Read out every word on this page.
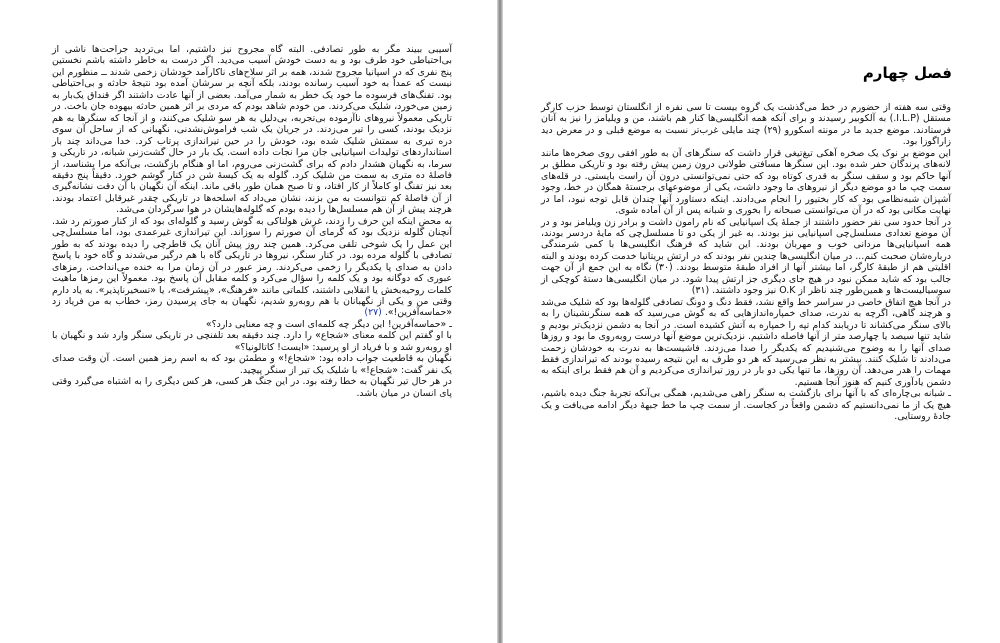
آسیبی ببیند مگر به طور تصادفی. البته گاه مجروح نیز داشتیم، اما بی‌تردید جراحت‌ها ناشی از بی‌احتیاطی خود طرف بود و به دست خودش آسیب می‌دید. اگر درست به خاطر داشته باشم نخستین پنج نفری که در اسپانیا مجروح شدند، همه بر اثر سلاح‌های ناکارآمد خودشان زخمی شدند ــ منظورم این نیست که عمداً به خود آسیب رسانده بودند، بلکه آنچه بر سرشان آمده بود نتیجهٔ حادثه و بی‌احتیاطی بود. تفنگ‌های فرسوده ما خود یک خطر به شمار می‌آمد. بعضی از آنها عادت داشتند اگر قنداق یک‌بار به زمین می‌خورد، شلیک می‌کردند. من خودم شاهد بودم که مردی بر اثر همین حادثه بیهوده جان باخت. در تاریکی معمولاً نیروهای ناآزموده بی‌تجربه، بی‌دلیل به هر سو شلیک می‌کنند، و از آنجا که سنگرها به هم نزدیک بودند، کسی را تیر می‌زدند. در جریان یک شب فراموش‌نشدنی، نگهبانی که از ساحل آن سوی دره تیری به سمتش شلیک شده بود، خودش را در حین تیراندازی پرتاب کرد. خدا می‌داند چند بار استانداردهای تولیدات اسپانیایی جان مرا نجات داده است. یک بار در حال گشت‌زنی شبانه، در تاریکی و سرما، به نگهبان هشدار دادم که برای گشت‌زنی می‌روم، اما او هنگام بازگشت، بی‌آنکه مرا بشناسد، از فاصلهٔ ده متری به سمت من شلیک کرد. گلوله به یک کیسهٔ شن در کنار گوشم خورد. دقیقاً پنج دقیقه بعد نیز تفنگ او کاملاً از کار افتاد، و تا صبح همان طور باقی ماند. اینکه آن نگهبان با آن دقت نشانه‌گیری از آن فاصلهٔ کم نتوانست به من بزند، نشان می‌داد که اسلحه‌ها در تاریکی چقدر غیرقابل اعتماد بودند. هرچند پیش از آن هم مسلسل‌ها را دیده بودم که گلوله‌هایشان در هوا سرگردان می‌شد.

به محض اینکه این حرف را زدند، غرش هولناکی به گوش رسید و گلوله‌ای بود که از کنار صورتم رد شد. آنچنان گلوله نزدیک بود که گرمای آن صورتم را سوزاند. این تیراندازی غیرعمدی بود، اما مسلسل‌چی این عمل را یک شوخی تلقی می‌کرد. همین چند روز پیش آنان یک قاطرچی را دیده بودند که به طور تصادفی با گلوله مرده بود. در کنار سنگر، نیروها در تاریکی گاه با هم درگیر می‌شدند و گاه خود با پاسخ دادن به صدای پا یکدیگر را زخمی می‌کردند. رمز عبور در آن زمان مرا به خنده می‌انداخت. رمزهای عبوری که دوگانه بود و یک کلمه را سؤال می‌کرد و کلمه مقابل آن پاسخ بود. معمولاً این رمزها ماهیت کلمات روحیه‌بخش یا انقلابی داشتند، کلماتی مانند «فرهنگ»، «پیشرفت»، یا «تسخیرناپذیر». به یاد دارم وقتی من و یکی از نگهبانان با هم روبه‌رو شدیم، نگهبان به جای پرسیدن رمز، خطاب به من فریاد زد «حماسه‌آفرین!». (۲۷)

ـ «حماسه‌آفرین! این دیگر چه کلمه‌ای است و چه معنایی دارد؟»

با او گفتم این کلمه معنای «شجاع» را دارد. چند دقیقه بعد تلفنچی در تاریکی سنگر وارد شد و نگهبان با او روبه‌رو شد و با فریاد از او پرسید: «ایست! کاتالونیا؟»

نگهبان به قاطعیت جواب داده بود: «شجاع!» و مطمئن بود که به اسم رمز همین است. آن وقت صدای یک نفر گفت: «شجاع!» با شلیک یک تیر از سنگر پیچید.

در هر حال تیر نگهبان به خطا رفته بود. در این جنگ هر کسی، هر کس دیگری را به اشتباه می‌گیرد وقتی پای انسان در میان باشد.

فصل چهارم

وقتی سه هفته از حضورم در خط می‌گذشت یک گروه بیست تا سی نفره از انگلستان توسط حزب کارگر مستقل (I.L.P.) به آلکوبیر رسیدند و برای آنکه همه انگلیسی‌ها کنار هم باشند، من و ویلیامز را نیز به آنان فرستادند. موضع جدید ما در مونته اسکورو (۲۹) چند مایلی غرب‌تر نسبت به موضع قبلی و در معرض دید زاراگوزا بود.

این موضع بر نوک یک صخره آهکی تیغ‌تیغی قرار داشت که سنگرهای آن به طور افقی روی صخره‌ها مانند لانه‌های پرندگان حفر شده بود. این سنگرها مسافتی طولانی درون زمین پیش رفته بود و تاریکی مطلق بر آنها حاکم بود و سقف سنگر به قدری کوتاه بود که حتی نمی‌توانستی درون آن راست بایستی. در قله‌های سمت چپ ما دو موضع دیگر از نیروهای ما وجود داشت، یکی از موضوعهای برجستهٔ همگان در خط، وجود آشپزان شبه‌نظامی بود که کار بختیور را انجام می‌دادند. اینکه دستاورد آنها چندان قابل توجه نبود، اما در نهایت مکانی بود که در آن می‌توانستی صبحانه را بخوری و شبانه پس از آن آماده شوی.

در آنجا حدود سی نفر حضور داشتند از جملهٔ یک اسپانیایی که نام رامون داشت و برادر زن ویلیامز بود و در آن موضع تعدادی مسلسل‌چی اسپانیایی نیز بودند. به غیر از یکی دو تا مسلسل‌چی که مایهٔ دردسر بودند، همه اسپانیایی‌ها مردانی خوب و مهربان بودند. این شاید که فرهنگ انگلیسی‌ها با کمی شرمندگی درباره‌شان صحبت کنم... در میان انگلیسی‌ها چندین نفر بودند که در ارتش بریتانیا خدمت کرده بودند و البته اقلیتی هم از طبقهٔ کارگر، اما بیشتر آنها از افراد طبقهٔ متوسط بودند. (۳۰) نگاه به این جمع از آن جهت جالب بود که شاید ممکن نبود در هیچ جای دیگری جز ارتش پیدا شود. در میان انگلیسی‌ها دستهٔ کوچکی از سوسیالیست‌ها و همین‌طور چند ناظر از O.K نیز وجود داشتند. (۳۱)

در آنجا هیچ اتفاق خاصی در سراسر خط واقع نشد، فقط دنگ و دونگ تصادفی گلوله‌ها بود که شلیک می‌شد و هرچند گاهی، اگرچه به ندرت، صدای خمپاره‌اندازهایی که به گوش می‌رسید که همه سنگرنشینان را به بالای سنگر می‌کشاند تا دریابند کدام تپه را خمپاره به آتش کشیده است. در آنجا به دشمن نزدیک‌تر بودیم و شاید تنها سیصد یا چهارصد متر از آنها فاصله داشتیم. نزدیک‌ترین موضع آنها درست روبه‌روی ما بود و روزها صدای آنها را به وضوح می‌شنیدیم که یکدیگر را صدا می‌زدند. فاشیست‌ها به ندرت به خودشان زحمت می‌دادند تا شلیک کنند. بیشتر به نظر می‌رسید که هر دو طرف به این نتیجه رسیده بودند که تیراندازی فقط مهمات را هدر می‌دهد. آن روزها، ما تنها یکی دو بار در روز تیراندازی می‌کردیم و آن هم فقط برای اینکه به دشمن یادآوری کنیم که هنوز آنجا هستیم.

ـ شبانه بی‌چاره‌ای که با آنها برای بازگشت به سنگر راهی می‌شدیم، همگی بی‌آنکه تجربهٔ جنگ دیده باشیم، هیچ یک از ما نمی‌دانستیم که دشمن واقعاً در کجاست. از سمت چپ ما خط جبههٔ دیگر ادامه می‌یافت و یک جادهٔ روستایی.
